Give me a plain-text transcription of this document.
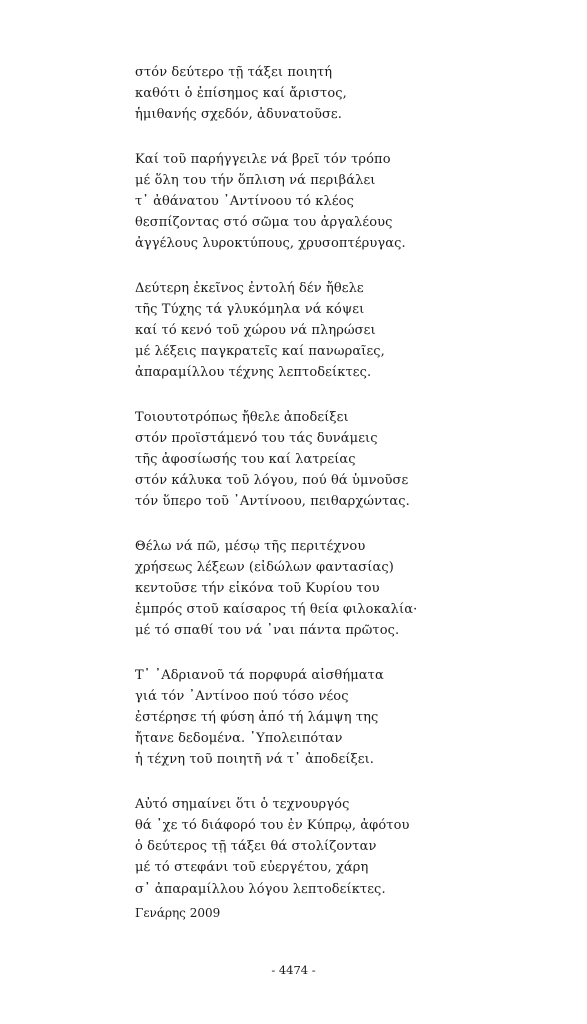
στόν δεύτερο τῇ τάξει ποιητή
καθότι ὁ ἐπίσημος καί ἄριστος,
ἡμιθανής σχεδόν, ἀδυνατοῦσε.
Καί τοῦ παρήγγειλε νά βρεῖ τόν τρόπο
μέ ὅλη του τήν ὅπλιση νά περιβάλει
τ᾿ ἀθάνατου ᾿Αντίνοου τό κλέος
θεσπίζοντας στό σῶμα του ἀργαλέους
ἀγγέλους λυροκτύπους, χρυσοπτέρυγας.
Δεύτερη ἐκεῖνος ἐντολή δέν ἤθελε
τῆς Τύχης τά γλυκόμηλα νά κόψει
καί τό κενό τοῦ χώρου νά πληρώσει
μέ λέξεις παγκρατεῖς καί πανωραῖες,
ἀπαραμίλλου τέχνης λεπτοδείκτες.
Τοιουτοτρόπως ἤθελε ἀποδείξει
στόν προϊστάμενό του τάς δυνάμεις
τῆς ἀφοσίωσής του καί λατρείας
στόν κάλυκα τοῦ λόγου, πού θά ὑμνοῦσε
τόν ὕπερο τοῦ ᾿Αντίνοου, πειθαρχώντας.
Θέλω νά πῶ, μέσῳ τῆς περιτέχνου
χρήσεως λέξεων (εἰδώλων φαντασίας)
κεντοῦσε τήν εἰκόνα τοῦ Κυρίου του
ἐμπρός στοῦ καίσαρος τή θεία φιλοκαλία·
μέ τό σπαθί του νά ᾿ναι πάντα πρῶτος.
Τ᾿ ᾿Αδριανοῦ τά πορφυρά αἰσθήματα
γιά τόν ᾿Αντίνοο πού τόσο νέος
ἐστέρησε τή φύση ἀπό τή λάμψη της
ἤτανε δεδομένα. ῾Υπολειπόταν
ἡ τέχνη τοῦ ποιητῆ νά τ᾿ ἀποδείξει.
Αὐτό σημαίνει ὅτι ὁ τεχνουργός
θά ᾿χε τό διάφορό του ἐν Κύπρῳ, ἀφότου
ὁ δεύτερος τῇ τάξει θά στολίζονταν
μέ τό στεφάνι τοῦ εὐεργέτου, χάρη
σ᾿ ἀπαραμίλλου λόγου λεπτοδείκτες.
Γενάρης 2009
- 4474 -
